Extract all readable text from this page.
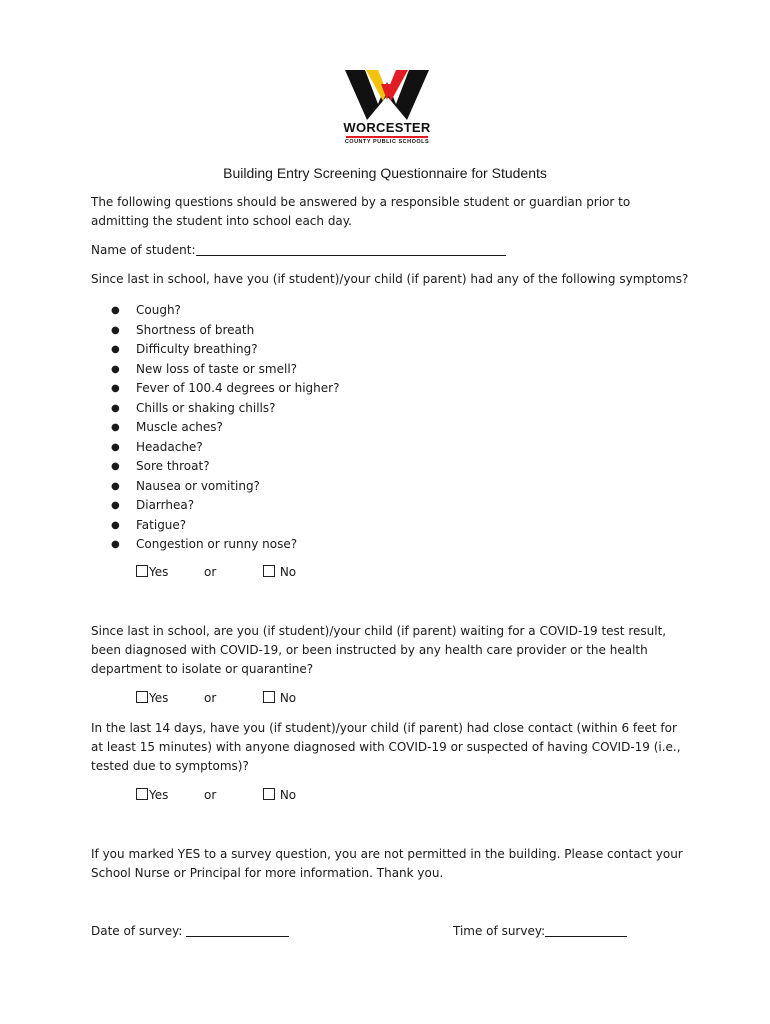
WORCESTER
COUNTY PUBLIC SCHOOLS
Building Entry Screening Questionnaire for Students
The following questions should be answered by a responsible student or guardian prior to admitting the student into school each day.
Name of student:
Since last in school, have you (if student)/your child (if parent) had any of the following symptoms?
● Cough?
● Shortness of breath
● Difficulty breathing?
● New loss of taste or smell?
● Fever of 100.4 degrees or higher?
● Chills or shaking chills?
● Muscle aches?
● Headache?
● Sore throat?
● Nausea or vomiting?
● Diarrhea?
● Fatigue?
● Congestion or runny nose?
Yes	or	No
Since last in school, are you (if student)/your child (if parent) waiting for a COVID-19 test result, been diagnosed with COVID-19, or been instructed by any health care provider or the health department to isolate or quarantine?
Yes	or	No
In the last 14 days, have you (if student)/your child (if parent) had close contact (within 6 feet for at least 15 minutes) with anyone diagnosed with COVID-19 or suspected of having COVID-19 (i.e., tested due to symptoms)?
Yes	or	No
If you marked YES to a survey question, you are not permitted in the building. Please contact your School Nurse or Principal for more information. Thank you.
Date of survey:	Time of survey:
